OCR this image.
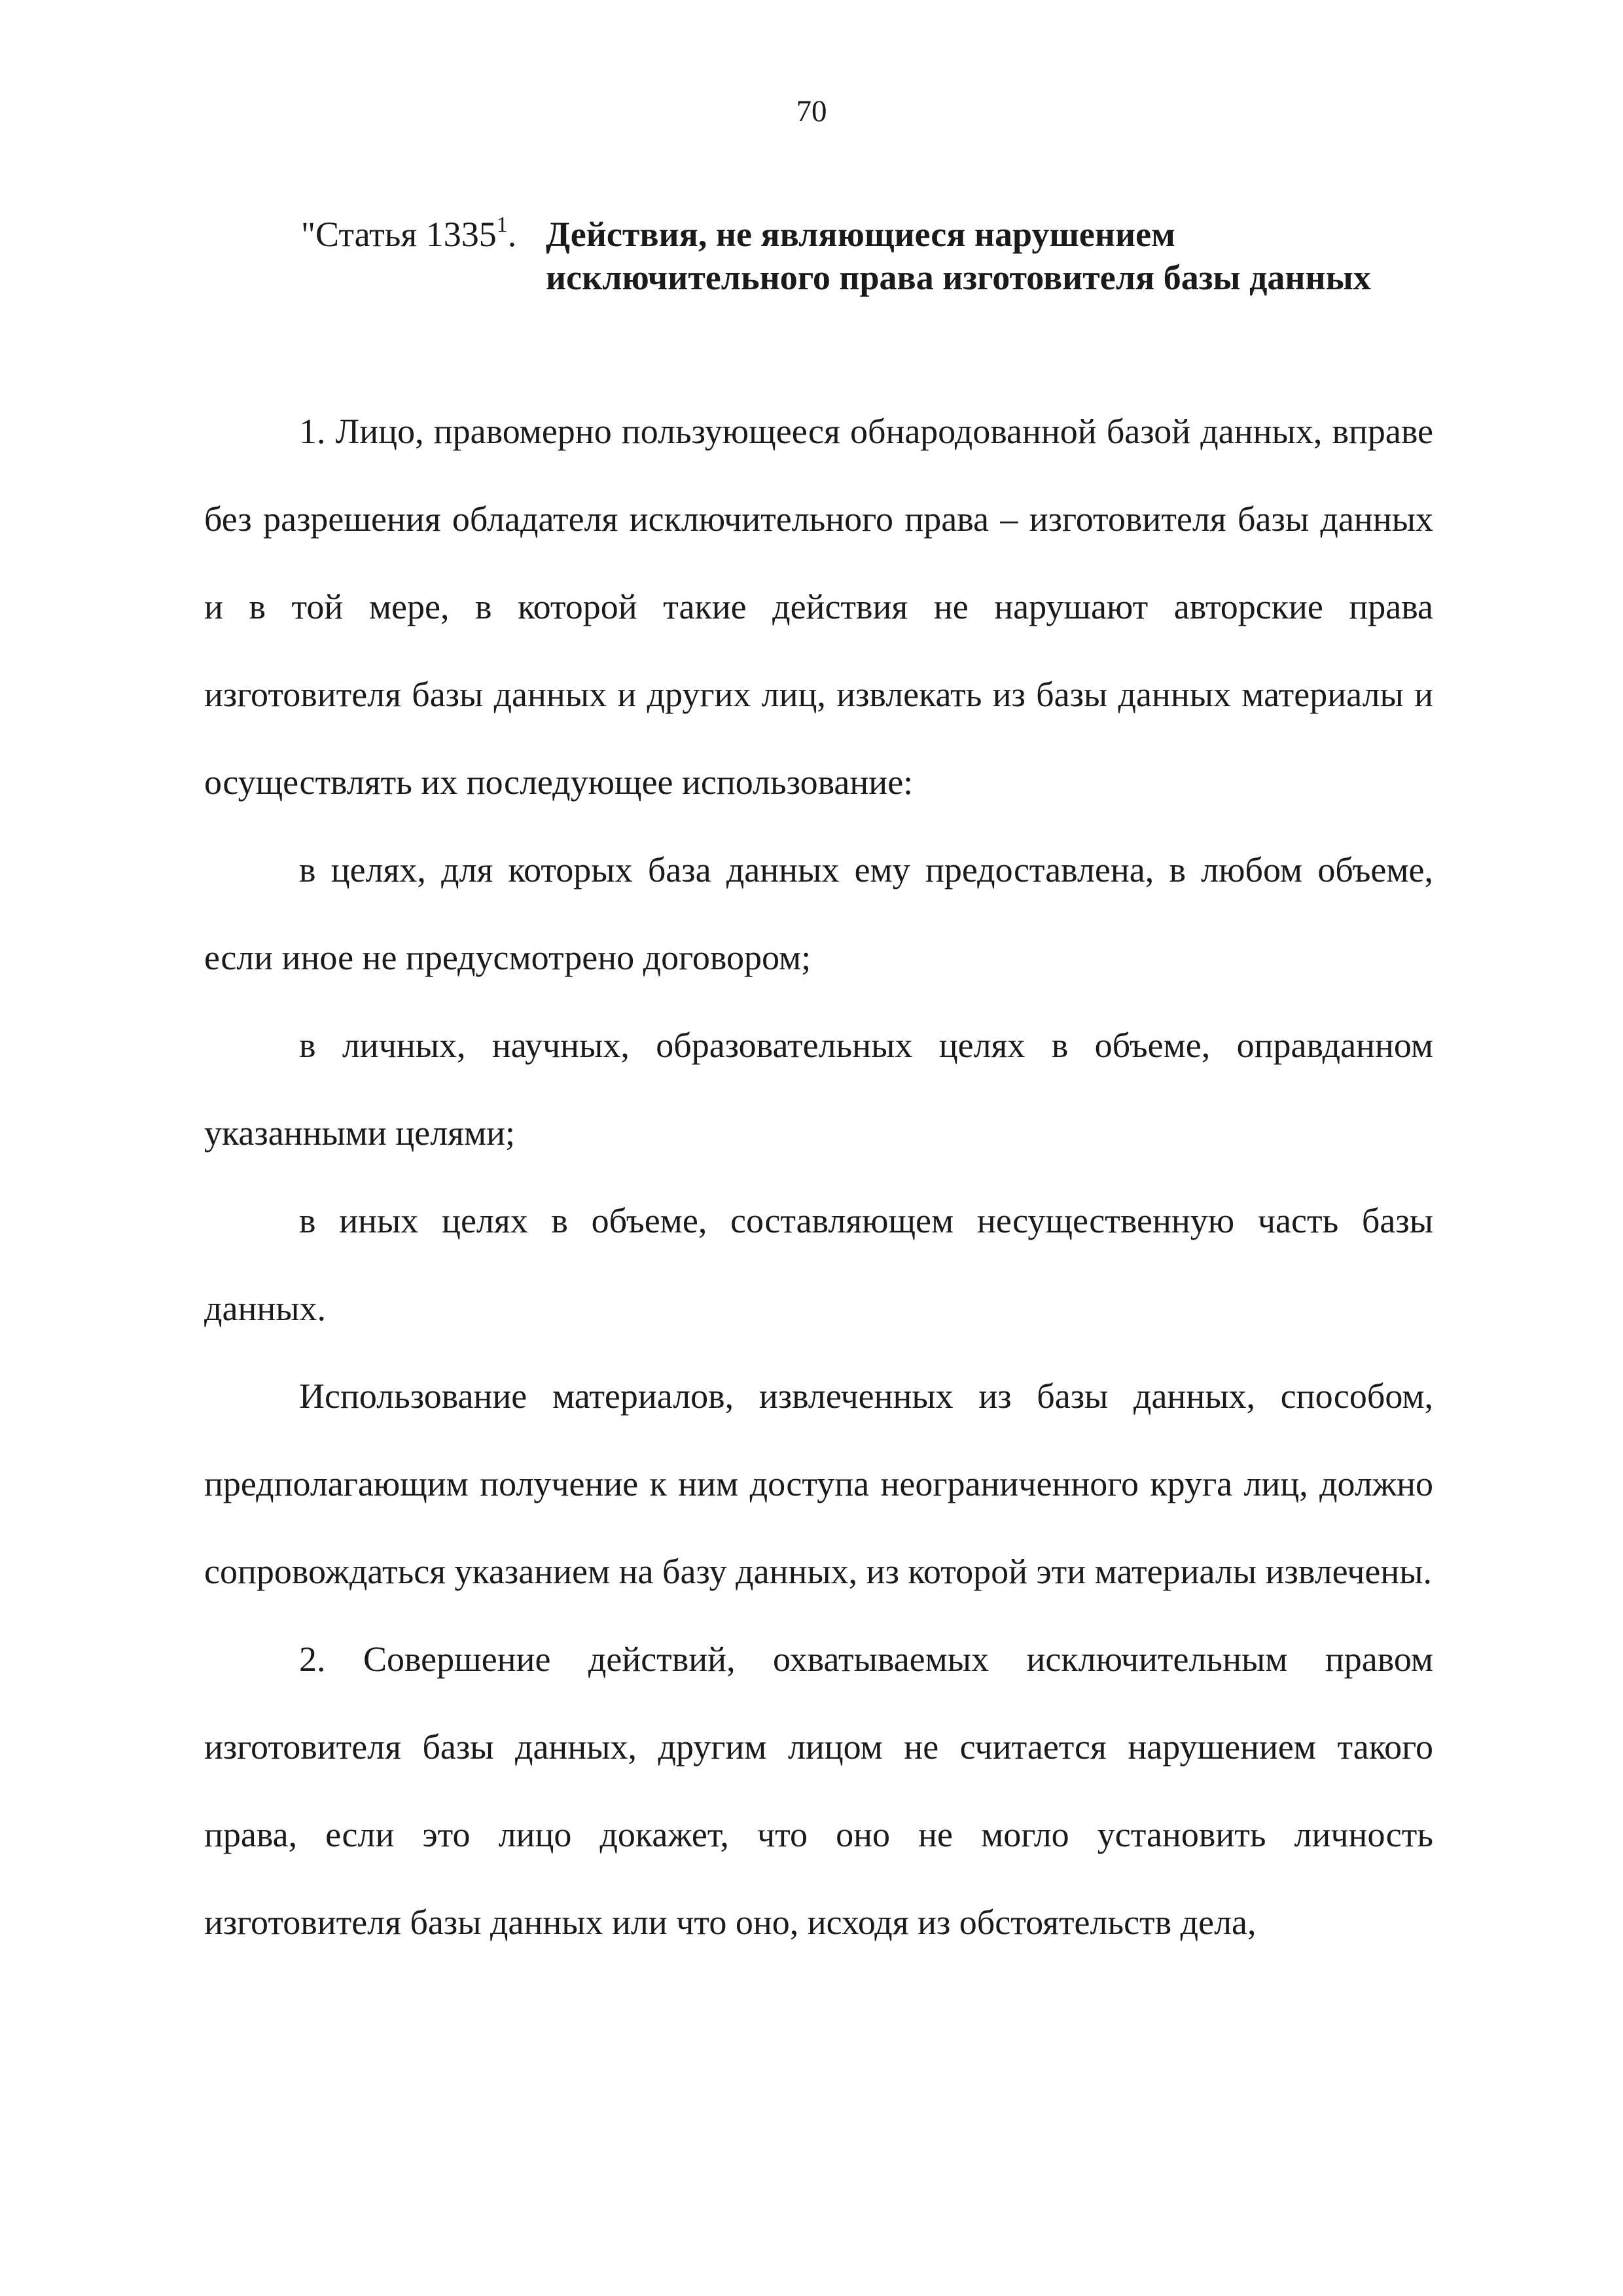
70
"Статья 1335$^1$. Действия, не являющиеся нарушением исключительного права изготовителя базы данных

1. Лицо, правомерно пользующееся обнародованной базой данных, вправе без разрешения обладателя исключительного права – изготовителя базы данных и в той мере, в которой такие действия не нарушают авторские права изготовителя базы данных и других лиц, извлекать из базы данных материалы и осуществлять их последующее использование:

в целях, для которых база данных ему предоставлена, в любом объеме, если иное не предусмотрено договором;

в личных, научных, образовательных целях в объеме, оправданном указанными целями;

в иных целях в объеме, составляющем несущественную часть базы данных.

Использование материалов, извлеченных из базы данных, способом, предполагающим получение к ним доступа неограниченного круга лиц, должно сопровождаться указанием на базу данных, из которой эти материалы извлечены.

2. Совершение действий, охватываемых исключительным правом изготовителя базы данных, другим лицом не считается нарушением такого права, если это лицо докажет, что оно не могло установить личность изготовителя базы данных или что оно, исходя из обстоятельств дела,
